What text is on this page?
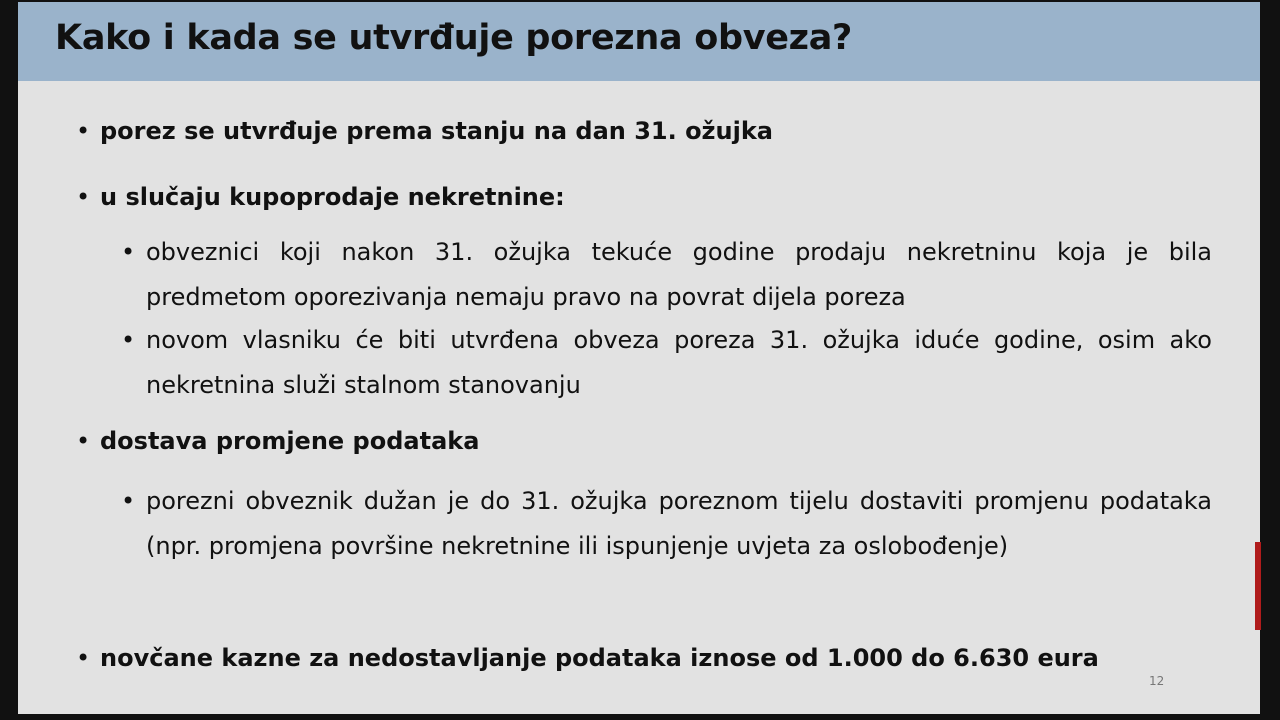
Kako i kada se utvrđuje porezna obveza?
• porez se utvrđuje prema stanju na dan 31. ožujka
• u slučaju kupoprodaje nekretnine:
• obveznici koji nakon 31. ožujka tekuće godine prodaju nekretninu koja je bila predmetom oporezivanja nemaju pravo na povrat dijela poreza
• novom vlasniku će biti utvrđena obveza poreza 31. ožujka iduće godine, osim ako nekretnina služi stalnom stanovanju
• dostava promjene podataka
• porezni obveznik dužan je do 31. ožujka poreznom tijelu dostaviti promjenu podataka (npr. promjena površine nekretnine ili ispunjenje uvjeta za oslobođenje)
• novčane kazne za nedostavljanje podataka iznose od 1.000 do 6.630 eura
12
